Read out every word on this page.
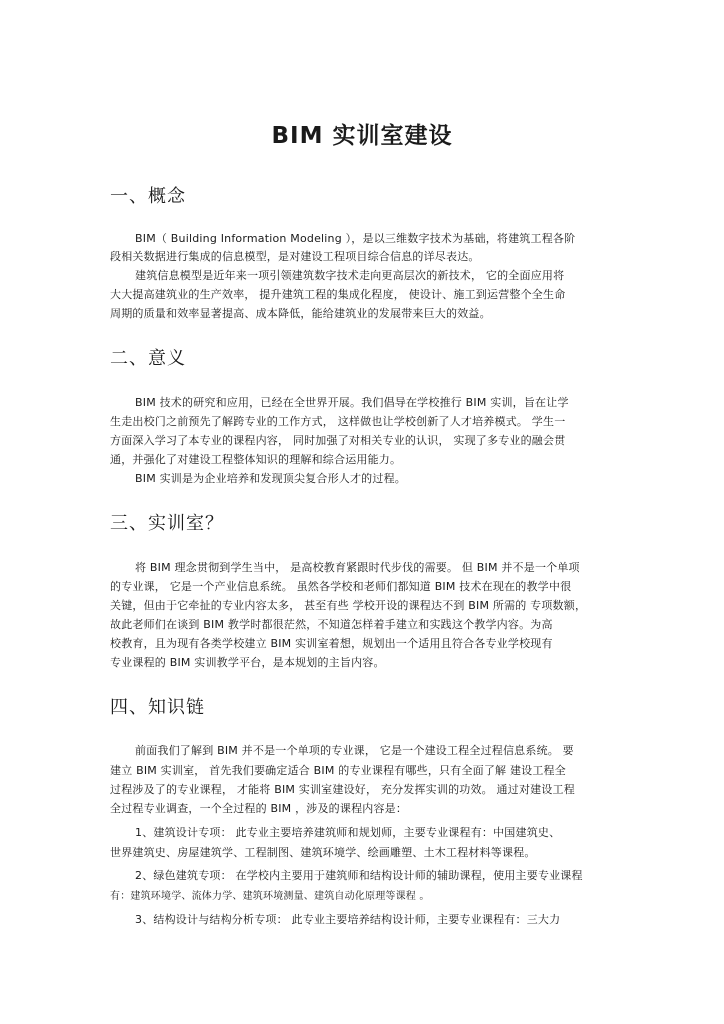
BIM 实训室建设
一、概念
BIM（ Building Information Modeling ），是以三维数字技术为基础，将建筑工程各阶
段相关数据进行集成的信息模型，是对建设工程项目综合信息的详尽表达。
建筑信息模型是近年来一项引领建筑数字技术走向更高层次的新技术， 它的全面应用将
大大提高建筑业的生产效率， 提升建筑工程的集成化程度， 使设计、施工到运营整个全生命
周期的质量和效率显著提高、成本降低，能给建筑业的发展带来巨大的效益。
二、意义
BIM 技术的研究和应用，已经在全世界开展。我们倡导在学校推行 BIM 实训，旨在让学
生走出校门之前预先了解跨专业的工作方式， 这样做也让学校创新了人才培养模式。 学生一
方面深入学习了本专业的课程内容， 同时加强了对相关专业的认识， 实现了多专业的融会贯
通，并强化了对建设工程整体知识的理解和综合运用能力。
BIM 实训是为企业培养和发现顶尖复合形人才的过程。
三、实训室？
将 BIM 理念贯彻到学生当中， 是高校教育紧跟时代步伐的需要。 但 BIM 并不是一个单项
的专业课， 它是一个产业信息系统。 虽然各学校和老师们都知道 BIM 技术在现在的教学中很
关键，但由于它牵扯的专业内容太多， 甚至有些 学校开设的课程达不到 BIM 所需的 专项数额，
故此老师们在谈到 BIM 教学时都很茫然，不知道怎样着手建立和实践这个教学内容。为高
校教育，且为现有各类学校建立 BIM 实训室着想，规划出一个适用且符合各专业学校现有
专业课程的 BIM 实训教学平台，是本规划的主旨内容。
四、知识链
前面我们了解到 BIM 并不是一个单项的专业课， 它是一个建设工程全过程信息系统。 要
建立 BIM 实训室， 首先我们要确定适合 BIM 的专业课程有哪些，只有全面了解 建设工程全
过程涉及了的专业课程， 才能将 BIM 实训室建设好， 充分发挥实训的功效。 通过对建设工程
全过程专业调查，一个全过程的 BIM ，涉及的课程内容是：
1、建筑设计专项： 此专业主要培养建筑师和规划师，主要专业课程有：中国建筑史、
世界建筑史、房屋建筑学、工程制图、建筑环境学、绘画雕塑、土木工程材料等课程。
2、绿色建筑专项： 在学校内主要用于建筑师和结构设计师的辅助课程，使用主要专业课程
有：建筑环境学、流体力学、建筑环境测量、建筑自动化原理等课程 。
3、结构设计与结构分析专项： 此专业主要培养结构设计师，主要专业课程有：三大力
